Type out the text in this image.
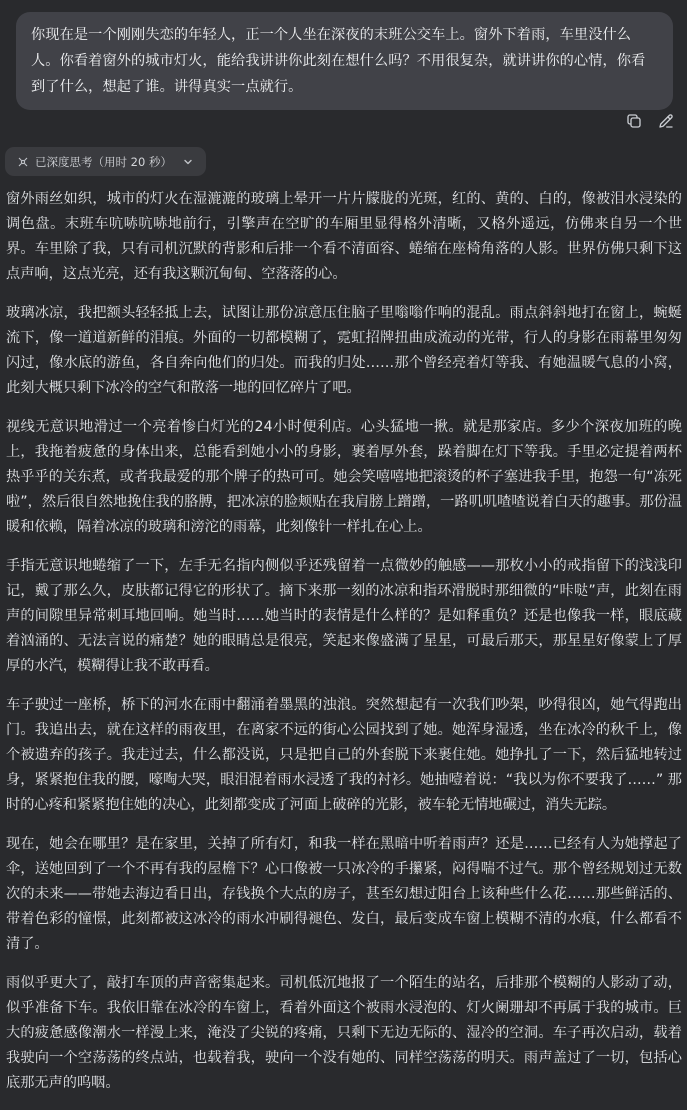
你现在是一个刚刚失恋的年轻人，正一个人坐在深夜的末班公交车上。窗外下着雨，车里没什么人。你看着窗外的城市灯火，能给我讲讲你此刻在想什么吗？不用很复杂，就讲讲你的心情，你看到了什么，想起了谁。讲得真实一点就行。
已深度思考（用时 20 秒）

窗外雨丝如织，城市的灯火在湿漉漉的玻璃上晕开一片片朦胧的光斑，红的、黄的、白的，像被泪水浸染的调色盘。末班车吭哧吭哧地前行，引擎声在空旷的车厢里显得格外清晰，又格外遥远，仿佛来自另一个世界。车里除了我，只有司机沉默的背影和后排一个看不清面容、蜷缩在座椅角落的人影。世界仿佛只剩下这点声响，这点光亮，还有我这颗沉甸甸、空落落的心。

玻璃冰凉，我把额头轻轻抵上去，试图让那份凉意压住脑子里嗡嗡作响的混乱。雨点斜斜地打在窗上，蜿蜒流下，像一道道新鲜的泪痕。外面的一切都模糊了，霓虹招牌扭曲成流动的光带，行人的身影在雨幕里匆匆闪过，像水底的游鱼，各自奔向他们的归处。而我的归处……那个曾经亮着灯等我、有她温暖气息的小窝，此刻大概只剩下冰冷的空气和散落一地的回忆碎片了吧。

视线无意识地滑过一个亮着惨白灯光的24小时便利店。心头猛地一揪。就是那家店。多少个深夜加班的晚上，我拖着疲惫的身体出来，总能看到她小小的身影，裹着厚外套，跺着脚在灯下等我。手里必定提着两杯热乎乎的关东煮，或者我最爱的那个牌子的热可可。她会笑嘻嘻地把滚烫的杯子塞进我手里，抱怨一句“冻死啦”，然后很自然地挽住我的胳膊，把冰凉的脸颊贴在我肩膀上蹭蹭，一路叽叽喳喳说着白天的趣事。那份温暖和依赖，隔着冰凉的玻璃和滂沱的雨幕，此刻像针一样扎在心上。

手指无意识地蜷缩了一下，左手无名指内侧似乎还残留着一点微妙的触感——那枚小小的戒指留下的浅浅印记，戴了那么久，皮肤都记得它的形状了。摘下来那一刻的冰凉和指环滑脱时那细微的“咔哒”声，此刻在雨声的间隙里异常刺耳地回响。她当时……她当时的表情是什么样的？是如释重负？还是也像我一样，眼底藏着汹涌的、无法言说的痛楚？她的眼睛总是很亮，笑起来像盛满了星星，可最后那天，那星星好像蒙上了厚厚的水汽，模糊得让我不敢再看。

车子驶过一座桥，桥下的河水在雨中翻涌着墨黑的浊浪。突然想起有一次我们吵架，吵得很凶，她气得跑出门。我追出去，就在这样的雨夜里，在离家不远的街心公园找到了她。她浑身湿透，坐在冰冷的秋千上，像个被遗弃的孩子。我走过去，什么都没说，只是把自己的外套脱下来裹住她。她挣扎了一下，然后猛地转过身，紧紧抱住我的腰，嚎啕大哭，眼泪混着雨水浸透了我的衬衫。她抽噎着说：“我以为你不要我了……” 那时的心疼和紧紧抱住她的决心，此刻都变成了河面上破碎的光影，被车轮无情地碾过，消失无踪。

现在，她会在哪里？是在家里，关掉了所有灯，和我一样在黑暗中听着雨声？还是……已经有人为她撑起了伞，送她回到了一个不再有我的屋檐下？心口像被一只冰冷的手攥紧，闷得喘不过气。那个曾经规划过无数次的未来——带她去海边看日出，存钱换个大点的房子，甚至幻想过阳台上该种些什么花……那些鲜活的、带着色彩的憧憬，此刻都被这冰冷的雨水冲刷得褪色、发白，最后变成车窗上模糊不清的水痕，什么都看不清了。

雨似乎更大了，敲打车顶的声音密集起来。司机低沉地报了一个陌生的站名，后排那个模糊的人影动了动，似乎准备下车。我依旧靠在冰冷的车窗上，看着外面这个被雨水浸泡的、灯火阑珊却不再属于我的城市。巨大的疲惫感像潮水一样漫上来，淹没了尖锐的疼痛，只剩下无边无际的、湿冷的空洞。车子再次启动，载着我驶向一个空荡荡的终点站，也载着我，驶向一个没有她的、同样空荡荡的明天。雨声盖过了一切，包括心底那无声的呜咽。
